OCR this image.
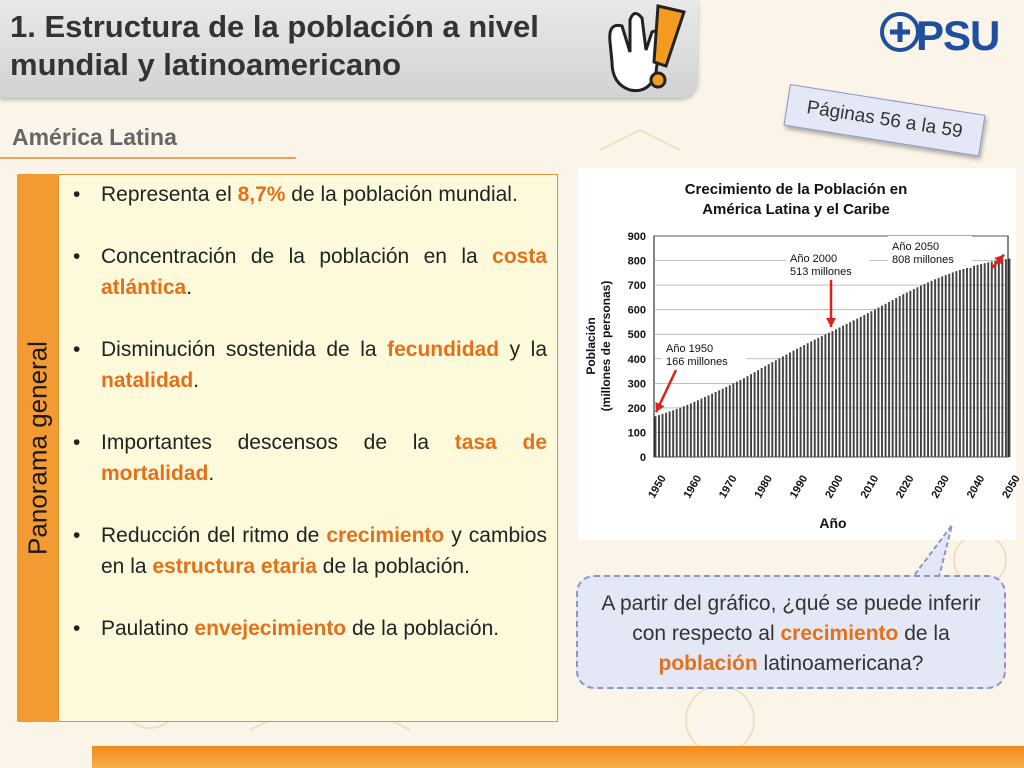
1. Estructura de la población a nivel mundial y latinoamericano
PSU
Páginas 56 a la 59
América Latina
Panorama general
• Representa el 8,7% de la población mundial.
• Concentración de la población en la costa atlántica.
• Disminución sostenida de la fecundidad y la natalidad.
• Importantes descensos de la tasa de mortalidad.
• Reducción del ritmo de crecimiento y cambios en la estructura etaria de la población.
• Paulatino envejecimiento de la población.
Crecimiento de la Población en
América Latina y el Caribe
0
100
200
300
400
500
600
700
800
900
1950 1960 1970 1980 1990 2000 2010 2020 2030 2040 2050
Año
Población (millones de personas)	Año 1950
166 millones
Año 2000
513 millones
Año 2050
808 millones
A partir del gráfico, ¿qué se puede inferir con respecto al crecimiento de la población latinoamericana?
